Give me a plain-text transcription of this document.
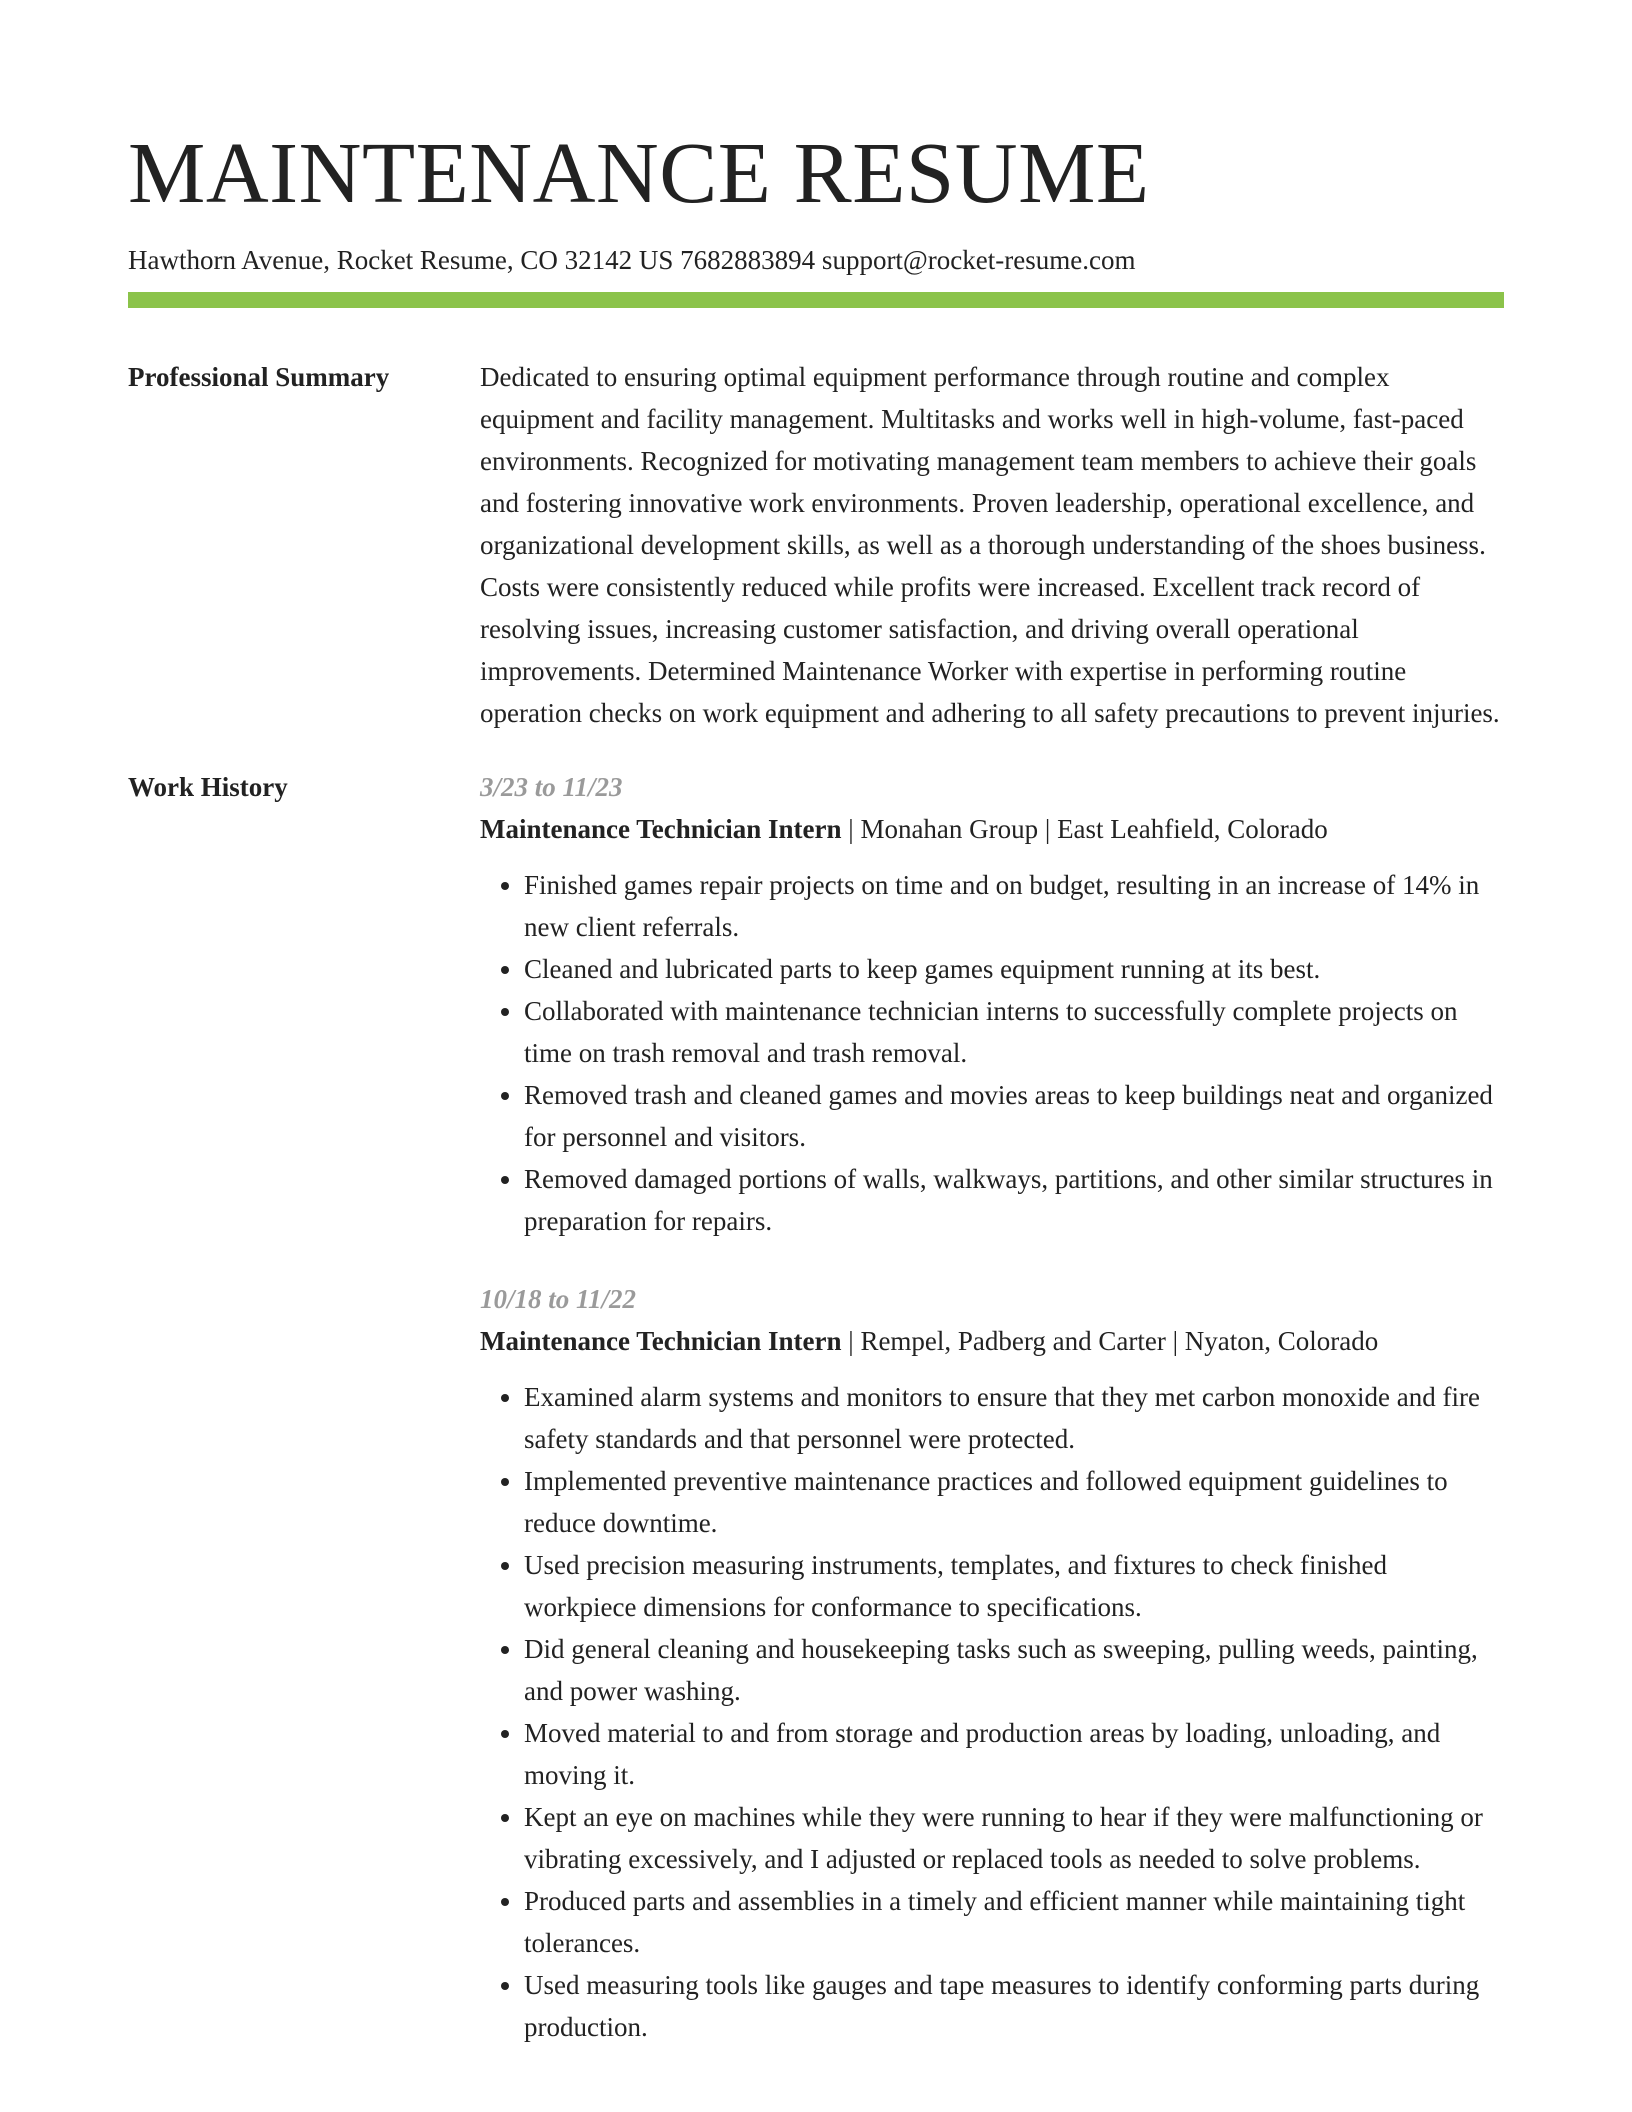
MAINTENANCE RESUME
Hawthorn Avenue, Rocket Resume, CO 32142 US 7682883894 support@rocket-resume.com
Professional Summary	Dedicated to ensuring optimal equipment performance through routine and complex equipment and facility management. Multitasks and works well in high-volume, fast-paced environments. Recognized for motivating management team members to achieve their goals and fostering innovative work environments. Proven leadership, operational excellence, and organizational development skills, as well as a thorough understanding of the shoes business. Costs were consistently reduced while profits were increased. Excellent track record of resolving issues, increasing customer satisfaction, and driving overall operational improvements. Determined Maintenance Worker with expertise in performing routine operation checks on work equipment and adhering to all safety precautions to prevent injuries.

Work History	3/23 to 11/23
Maintenance Technician Intern | Monahan Group | East Leahfield, Colorado
• Finished games repair projects on time and on budget, resulting in an increase of 14% in new client referrals.
• Cleaned and lubricated parts to keep games equipment running at its best.
• Collaborated with maintenance technician interns to successfully complete projects on time on trash removal and trash removal.
• Removed trash and cleaned games and movies areas to keep buildings neat and organized for personnel and visitors.
• Removed damaged portions of walls, walkways, partitions, and other similar structures in preparation for repairs.
10/18 to 11/22
Maintenance Technician Intern | Rempel, Padberg and Carter | Nyaton, Colorado
• Examined alarm systems and monitors to ensure that they met carbon monoxide and fire safety standards and that personnel were protected.
• Implemented preventive maintenance practices and followed equipment guidelines to reduce downtime.
• Used precision measuring instruments, templates, and fixtures to check finished workpiece dimensions for conformance to specifications.
• Did general cleaning and housekeeping tasks such as sweeping, pulling weeds, painting, and power washing.
• Moved material to and from storage and production areas by loading, unloading, and moving it.
• Kept an eye on machines while they were running to hear if they were malfunctioning or vibrating excessively, and I adjusted or replaced tools as needed to solve problems.
• Produced parts and assemblies in a timely and efficient manner while maintaining tight tolerances.
• Used measuring tools like gauges and tape measures to identify conforming parts during production.
